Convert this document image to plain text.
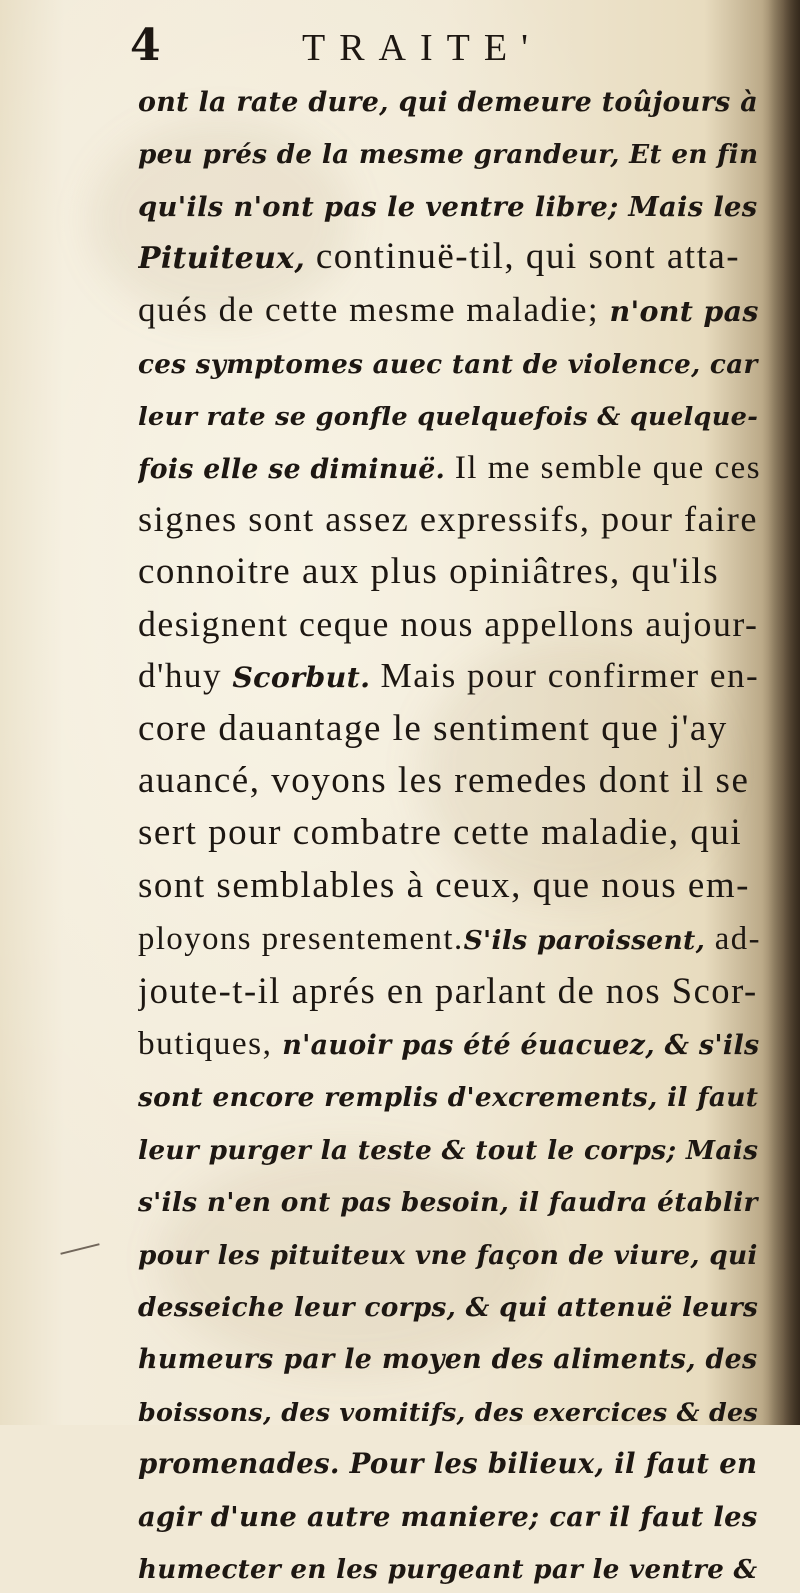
4	TRAITE'
ont la rate dure, qui demeure toûjours à
peu prés de la mesme grandeur, Et en fin
qu'ils n'ont pas le ventre libre; Mais les
Pituiteux, continuë-til, qui sont atta-
qués de cette mesme maladie; n'ont pas
ces symptomes auec tant de violence, car
leur rate se gonfle quelquefois & quelque-
fois elle se diminuë. Il me semble que ces
signes sont assez expressifs, pour faire
connoitre aux plus opiniâtres, qu'ils
designent ceque nous appellons aujour-
d'huy Scorbut. Mais pour confirmer en-
core dauantage le sentiment que j'ay
auancé, voyons les remedes dont il se
sert pour combatre cette maladie, qui
sont semblables à ceux, que nous em-
ployons presentement.S'ils paroissent, ad-
joute-t-il aprés en parlant de nos Scor-
butiques, n'auoir pas été éuacuez, & s'ils
sont encore remplis d'excrements, il faut
leur purger la teste & tout le corps; Mais
s'ils n'en ont pas besoin, il faudra établir
pour les pituiteux vne façon de viure, qui
desseiche leur corps, & qui attenuë leurs
humeurs par le moyen des aliments, des
boissons, des vomitifs, des exercices & des
promenades. Pour les bilieux, il faut en
agir d'une autre maniere; car il faut les
humecter en les purgeant par le ventre &
